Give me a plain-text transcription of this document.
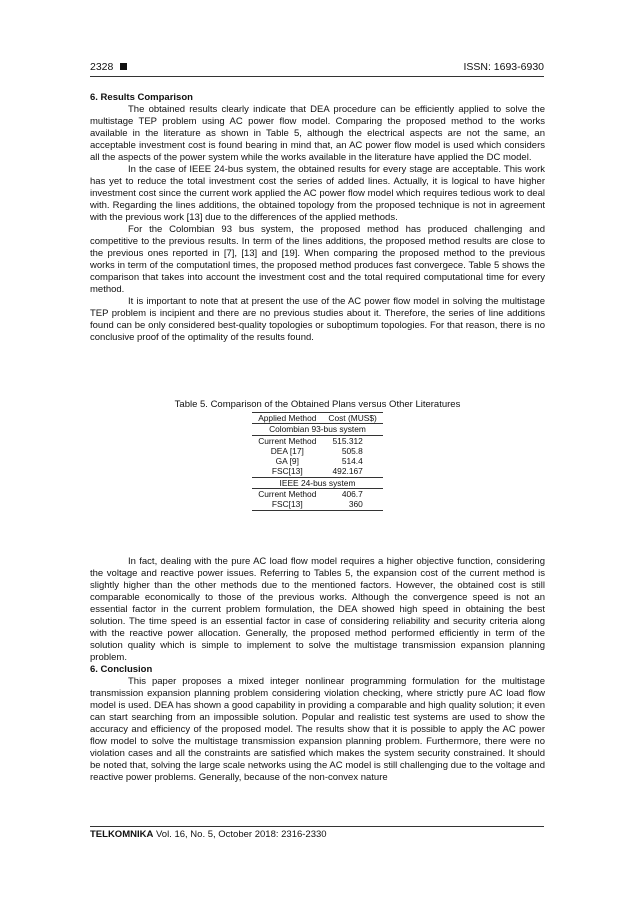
2328	ISSN: 1693-6930
6. Results Comparison

The obtained results clearly indicate that DEA procedure can be efficiently applied to solve the multistage TEP problem using AC power flow model. Comparing the proposed method to the works available in the literature as shown in Table 5, although the electrical aspects are not the same, an acceptable investment cost is found bearing in mind that, an AC power flow model is used which considers all the aspects of the power system while the works available in the literature have applied the DC model.

In the case of IEEE 24-bus system, the obtained results for every stage are acceptable. This work has yet to reduce the total investment cost the series of added lines. Actually, it is logical to have higher investment cost since the current work applied the AC power flow model which requires tedious work to deal with. Regarding the lines additions, the obtained topology from the proposed technique is not in agreement with the previous work [13] due to the differences of the applied methods.

For the Colombian 93 bus system, the proposed method has produced challenging and competitive to the previous results. In term of the lines additions, the proposed method results are close to the previous ones reported in [7], [13] and [19]. When comparing the proposed method to the previous works in term of the computationl times, the proposed method produces fast convergece. Table 5 shows the comparison that takes into account the investment cost and the total required computational time for every method.

It is important to note that at present the use of the AC power flow model in solving the multistage TEP problem is incipient and there are no previous studies about it. Therefore, the series of line additions found can be only considered best-quality topologies or suboptimum topologies. For that reason, there is no conclusive proof of the optimality of the results found.

Table 5. Comparison of the Obtained Plans versus Other Literatures
Applied Method	Cost (MUS$)
Colombian 93-bus system	
Current Method	515.312
DEA [17]	505.8
GA [9]	514.4
FSC[13]	492.167
IEEE 24-bus system	
Current Method	406.7
FSC[13]	360

In fact, dealing with the pure AC load flow model requires a higher objective function, considering the voltage and reactive power issues. Referring to Tables 5, the expansion cost of the current method is slightly higher than the other methods due to the mentioned factors. However, the obtained cost is still comparable economically to those of the previous works. Although the convergence speed is not an essential factor in the current problem formulation, the DEA showed high speed in obtaining the best solution. The time speed is an essential factor in case of considering reliability and security criteria along with the reactive power allocation. Generally, the proposed method performed efficiently in term of the solution quality which is simple to implement to solve the multistage transmission expansion planning problem.

6. Conclusion

This paper proposes a mixed integer nonlinear programming formulation for the multistage transmission expansion planning problem considering violation checking, where strictly pure AC load flow model is used. DEA has shown a good capability in providing a comparable and high quality solution; it even can start searching from an impossible solution. Popular and realistic test systems are used to show the accuracy and efficiency of the proposed model. The results show that it is possible to apply the AC power flow model to solve the multistage transmission expansion planning problem. Furthermore, there were no violation cases and all the constraints are satisfied which makes the system security constrained. It should be noted that, solving the large scale networks using the AC model is still challenging due to the voltage and reactive power problems. Generally, because of the non-convex nature

TELKOMNIKA Vol. 16, No. 5, October 2018: 2316-2330
